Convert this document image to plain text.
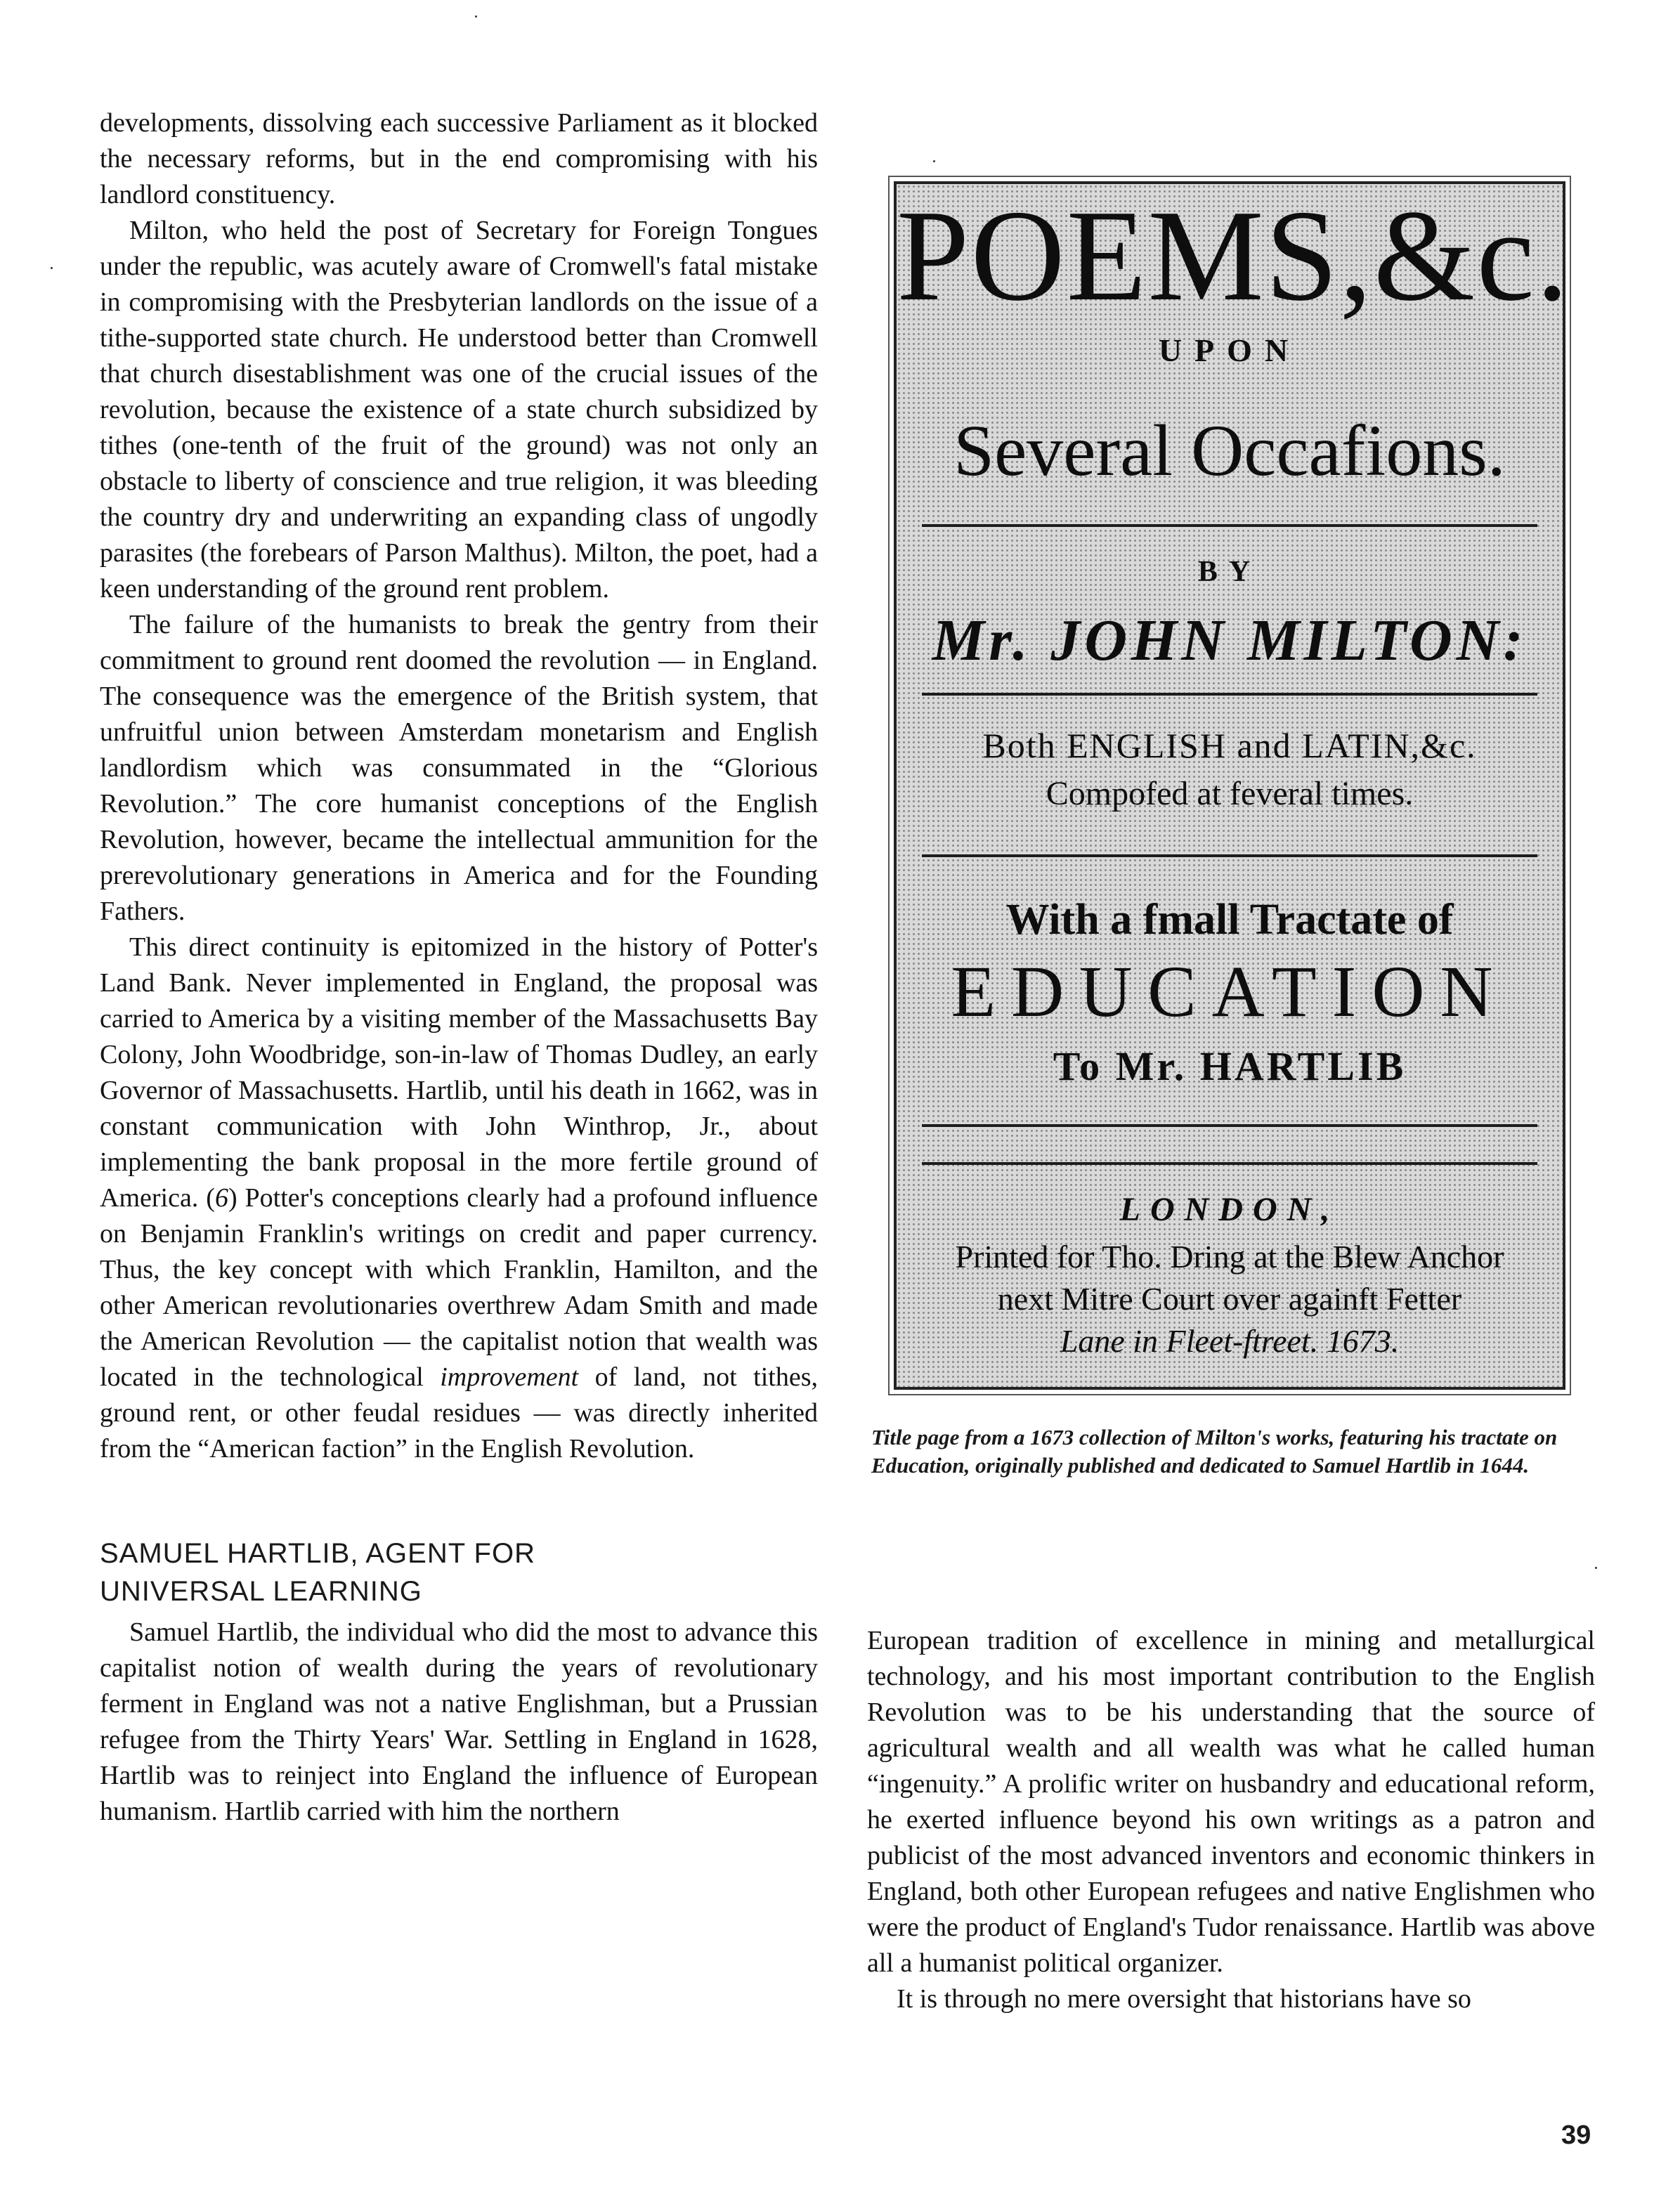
developments, dissolving each successive Parliament as it blocked the necessary reforms, but in the end compromising with his landlord constituency.

Milton, who held the post of Secretary for Foreign Tongues under the republic, was acutely aware of Cromwell's fatal mistake in compromising with the Presbyterian landlords on the issue of a tithe-supported state church. He understood better than Cromwell that church disestablishment was one of the crucial issues of the revolution, because the existence of a state church subsidized by tithes (one-tenth of the fruit of the ground) was not only an obstacle to liberty of conscience and true religion, it was bleeding the country dry and underwriting an expanding class of ungodly parasites (the forebears of Parson Malthus). Milton, the poet, had a keen understanding of the ground rent problem.

The failure of the humanists to break the gentry from their commitment to ground rent doomed the revolution — in England. The consequence was the emergence of the British system, that unfruitful union between Amsterdam monetarism and English landlordism which was consummated in the “Glorious Revolution.” The core humanist conceptions of the English Revolution, however, became the intellectual ammunition for the prerevolutionary generations in America and for the Founding Fathers.

This direct continuity is epitomized in the history of Potter's Land Bank. Never implemented in England, the proposal was carried to America by a visiting member of the Massachusetts Bay Colony, John Woodbridge, son-in-law of Thomas Dudley, an early Governor of Massachusetts. Hartlib, until his death in 1662, was in constant communication with John Winthrop, Jr., about implementing the bank proposal in the more fertile ground of America. (6) Potter's conceptions clearly had a profound influence on Benjamin Franklin's writings on credit and paper currency. Thus, the key concept with which Franklin, Hamilton, and the other American revolutionaries overthrew Adam Smith and made the American Revolution — the capitalist notion that wealth was located in the technological improvement of land, not tithes, ground rent, or other feudal residues — was directly inherited from the “American faction” in the English Revolution.

SAMUEL HARTLIB, AGENT FOR
UNIVERSAL LEARNING

Samuel Hartlib, the individual who did the most to advance this capitalist notion of wealth during the years of revolutionary ferment in England was not a native Englishman, but a Prussian refugee from the Thirty Years' War. Settling in England in 1628, Hartlib was to reinject into England the influence of European humanism. Hartlib carried with him the northern

POEMS,&c.
UPON
Several Occafions.
BY
Mr. JOHN MILTON:
Both ENGLISH and LATIN,&c.
Compofed at feveral times.
With a fmall Tractate of
EDUCATION
To Mr. HARTLIB
LONDON,
Printed for Tho. Dring at the Blew Anchor
next Mitre Court over againft Fetter
Lane in Fleet-ftreet. 1673.

Title page from a 1673 collection of Milton's works, featuring his tractate on Education, originally published and dedicated to Samuel Hartlib in 1644.

European tradition of excellence in mining and metallurgical technology, and his most important contribution to the English Revolution was to be his understanding that the source of agricultural wealth and all wealth was what he called human “ingenuity.” A prolific writer on husbandry and educational reform, he exerted influence beyond his own writings as a patron and publicist of the most advanced inventors and economic thinkers in England, both other European refugees and native Englishmen who were the product of England's Tudor renaissance. Hartlib was above all a humanist political organizer.

It is through no mere oversight that historians have so

39
